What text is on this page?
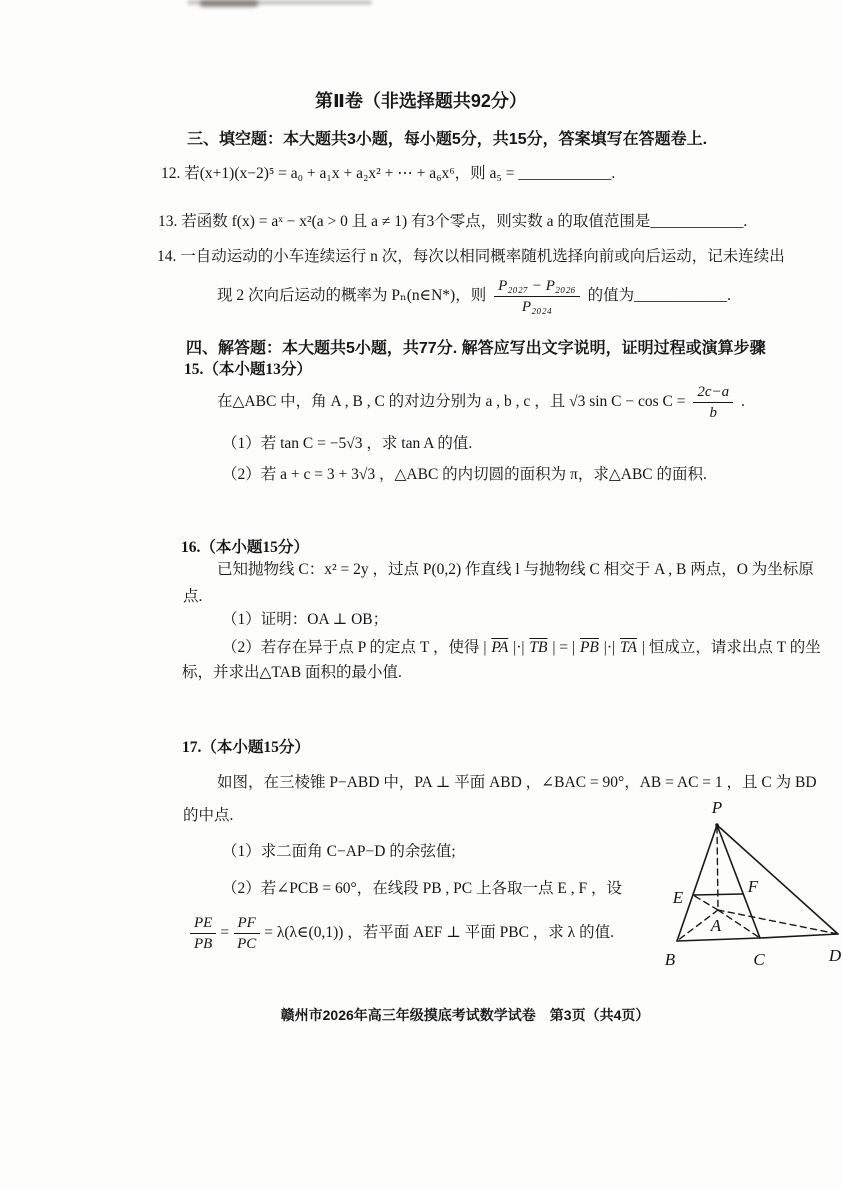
第Ⅱ卷（非选择题共92分）
三、填空题：本大题共3小题，每小题5分，共15分，答案填写在答题卷上.
12. 若(x+1)(x−2)⁵ = a₀ + a₁x + a₂x² + ⋯ + a₆x⁶，则 a₅ = ____________.
13. 若函数 f(x) = aˣ − x²(a > 0 且 a ≠ 1) 有3个零点，则实数 a 的取值范围是____________.
14. 一自动运动的小车连续运行 n 次，每次以相同概率随机选择向前或向后运动，记未连续出
现 2 次向后运动的概率为 Pₙ(n∈N*)，则 $\frac{\text{P₂₀₂₇ − P₂₀₂₆}}{\text{P₂₀₂₄}}$ 的值为____________.
四、解答题：本大题共5小题，共77分. 解答应写出文字说明，证明过程或演算步骤
15.（本小题13分）
在△ABC 中，角 A , B , C 的对边分别为 a , b , c ，且 √3 $\sin C - \cos C = \frac{2c-a}{b}$ .
（1）若 tan C = −5√3 ，求 tan A 的值.
（2）若 a + c = 3 + 3√3 ，△ABC 的内切圆的面积为 π，求△ABC 的面积.
16.（本小题15分）
已知抛物线 C：x² = 2y ，过点 P(0,2) 作直线 l 与抛物线 C 相交于 A , B 两点，O 为坐标原
点.
（1）证明：OA ⊥ OB；
（2）若存在异于点 P 的定点 T ，使得 | $\overline{PA}$ |·| $\overline{TB}$ | = | $\overline{PB}$ |·| $\overline{TA}$ | 恒成立，请求出点 T 的坐
标，并求出△TAB 面积的最小值.
17.（本小题15分）
如图，在三棱锥 P−ABD 中，PA ⊥ 平面 ABD ，∠BAC = 90°，AB = AC = 1 ，且 C 为 BD
的中点.
（1）求二面角 C−AP−D 的余弦值;
（2）若∠PCB = 60°，在线段 PB , PC 上各取一点 E , F ，设
$\frac{PE}{PB} = \frac{PF}{PC}$ = λ(λ∈(0,1)) ，若平面 AEF ⊥ 平面 PBC ，求 λ 的值.
P
B	C	D
E
F
A
赣州市2026年高三年级摸底考试数学试卷　第3页（共4页）
